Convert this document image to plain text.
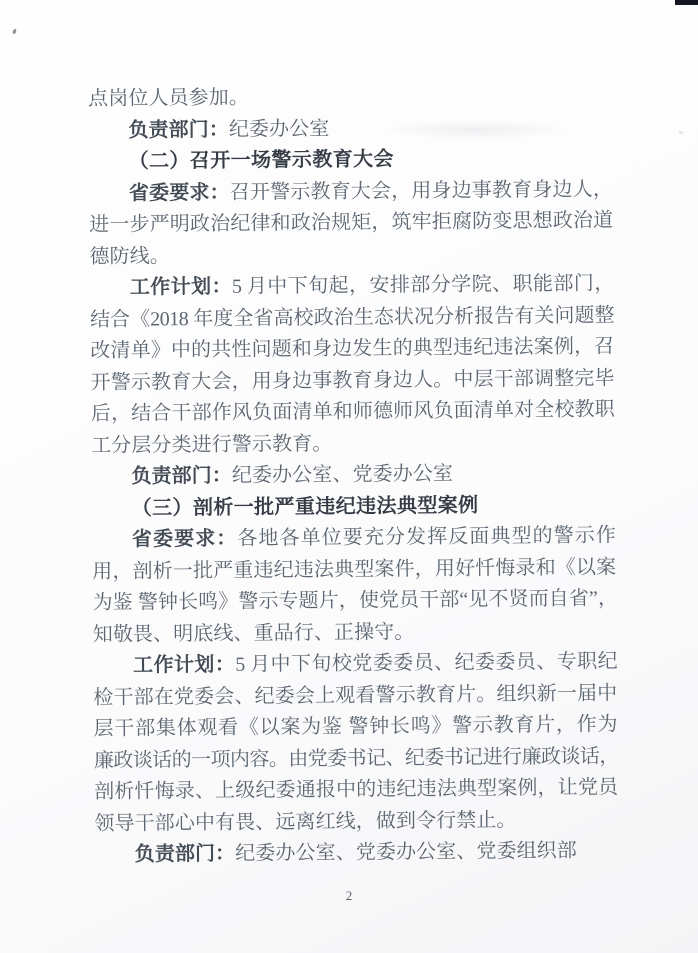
点岗位人员参加。
负责部门：纪委办公室
（二）召开一场警示教育大会
省委要求：召开警示教育大会，用身边事教育身边人，
进一步严明政治纪律和政治规矩，筑牢拒腐防变思想政治道
德防线。
工作计划：5 月中下旬起，安排部分学院、职能部门，
结合《2018 年度全省高校政治生态状况分析报告有关问题整
改清单》中的共性问题和身边发生的典型违纪违法案例，召
开警示教育大会，用身边事教育身边人。中层干部调整完毕
后，结合干部作风负面清单和师德师风负面清单对全校教职
工分层分类进行警示教育。
负责部门：纪委办公室、党委办公室
（三）剖析一批严重违纪违法典型案例
省委要求：各地各单位要充分发挥反面典型的警示作
用，剖析一批严重违纪违法典型案件，用好忏悔录和《以案
为鉴 警钟长鸣》警示专题片，使党员干部“见不贤而自省”，
知敬畏、明底线、重品行、正操守。
工作计划：5 月中下旬校党委委员、纪委委员、专职纪
检干部在党委会、纪委会上观看警示教育片。组织新一届中
层干部集体观看《以案为鉴 警钟长鸣》警示教育片，作为
廉政谈话的一项内容。由党委书记、纪委书记进行廉政谈话，
剖析忏悔录、上级纪委通报中的违纪违法典型案例，让党员
领导干部心中有畏、远离红线，做到令行禁止。
负责部门：纪委办公室、党委办公室、党委组织部
2
